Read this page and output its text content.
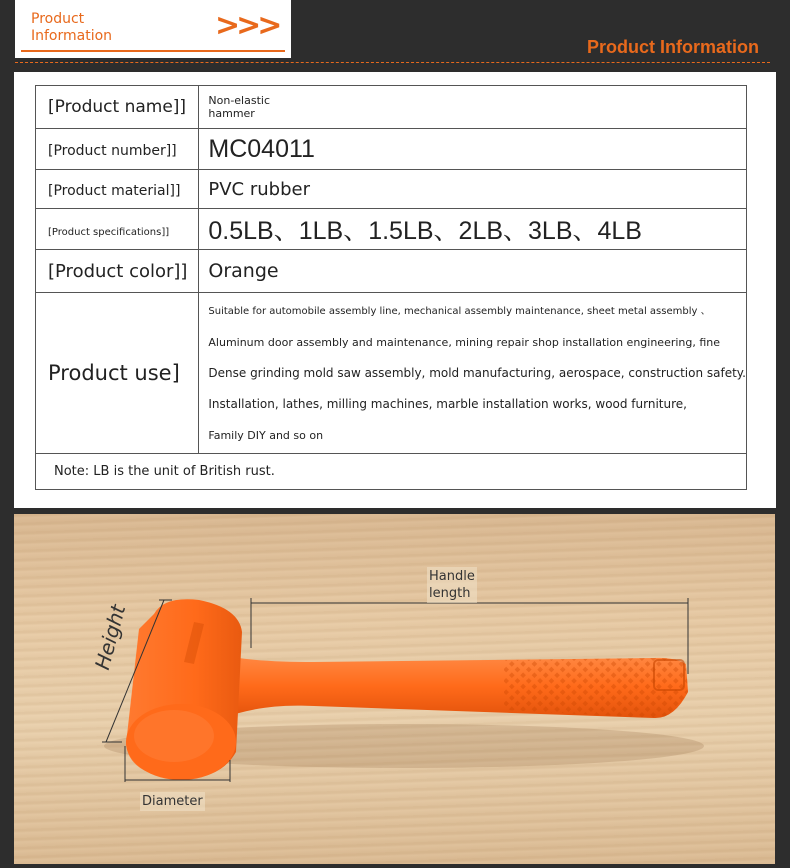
Product
Information	>>>
Product Information
[Product name]]	Non-elastic
hammer

[Product number]]	MC04011
[Product material]]	PVC rubber
[Product specifications]]	0.5LB、1LB、1.5LB、2LB、3LB、4LB
[Product color]]	Orange
Product use]	Suitable for automobile assembly line, mechanical assembly maintenance, sheet metal assembly 、
Aluminum door assembly and maintenance, mining repair shop installation engineering, fine
Dense grinding mold saw assembly, mold manufacturing, aerospace, construction safety.
Installation, lathes, milling machines, marble installation works, wood furniture,
Family DIY and so on

Note: LB is the unit of British rust.	
Handle
length
Height
Diameter
